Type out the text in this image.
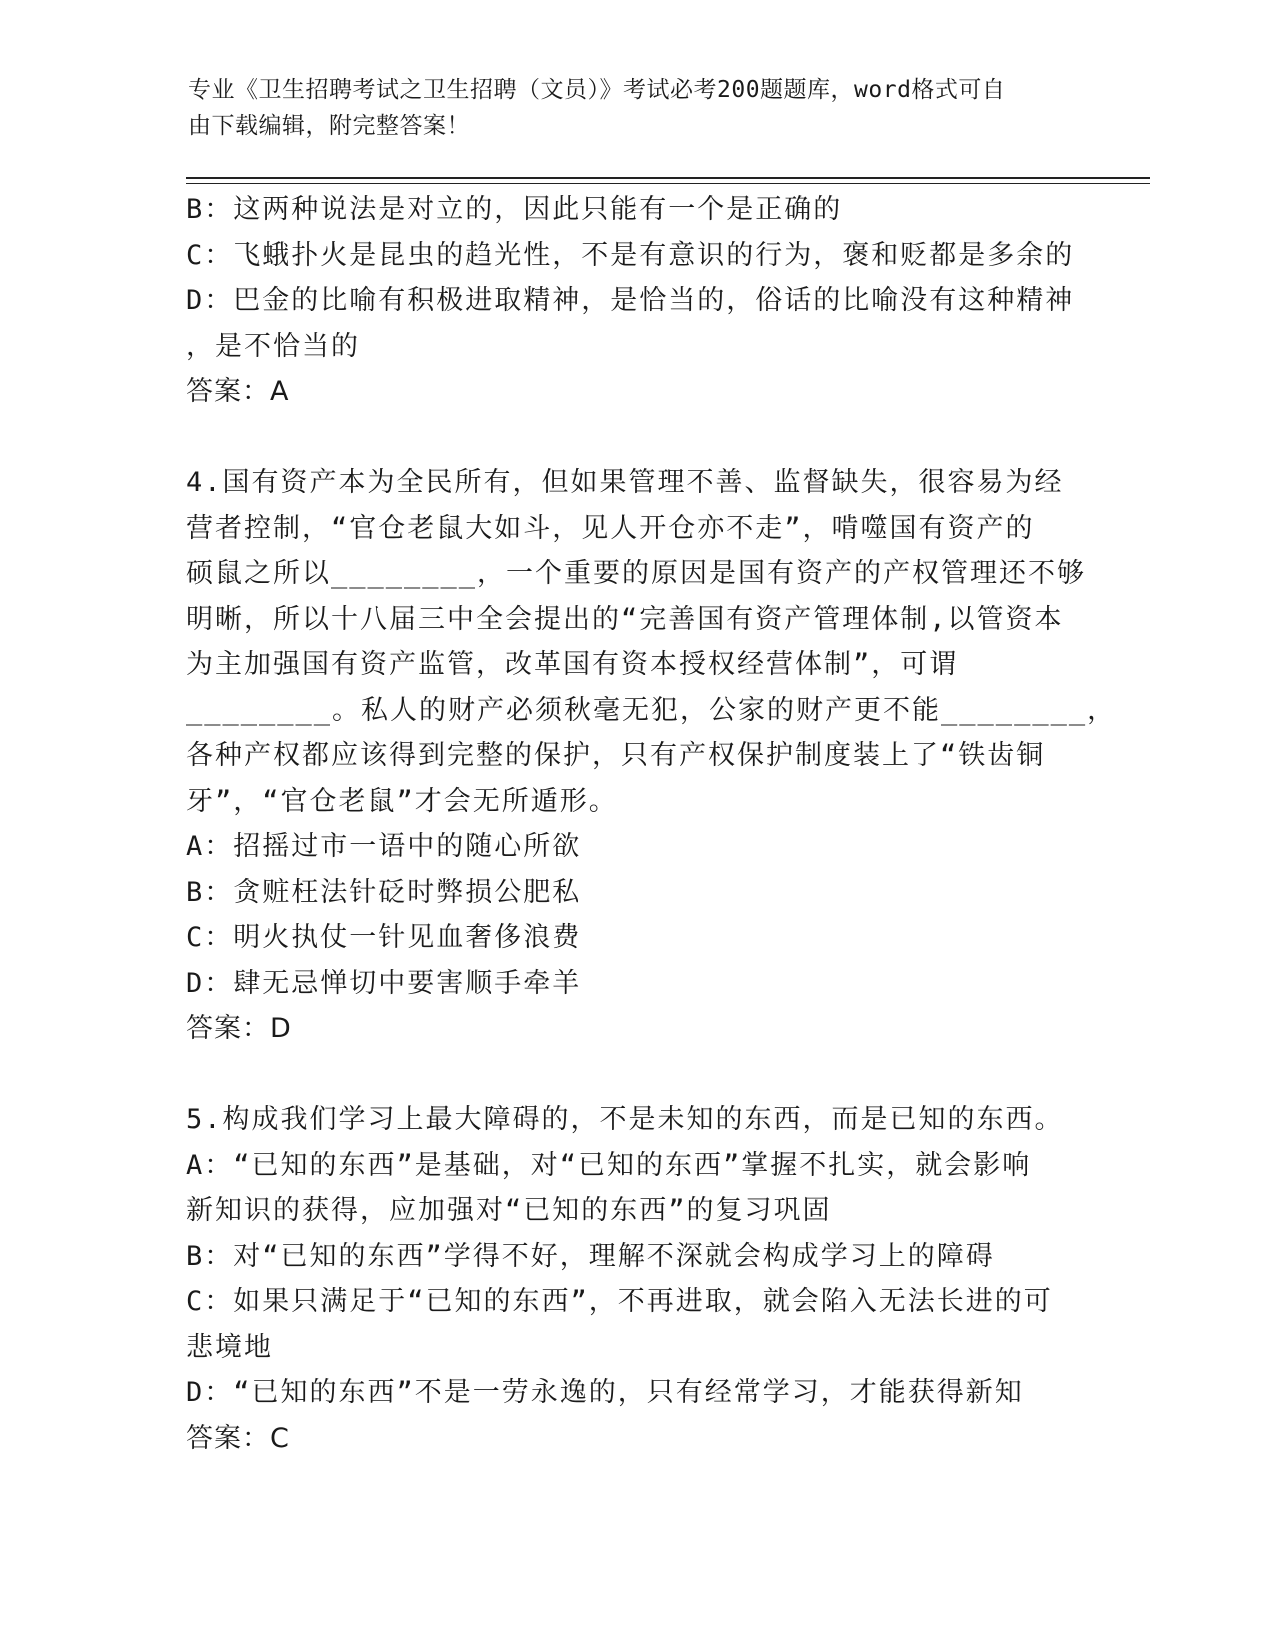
专业《卫生招聘考试之卫生招聘（文员）》考试必考200题题库，word格式可自
由下载编辑，附完整答案！
B：这两种说法是对立的，因此只能有一个是正确的
C：飞蛾扑火是昆虫的趋光性，不是有意识的行为，褒和贬都是多余的
D：巴金的比喻有积极进取精神，是恰当的，俗话的比喻没有这种精神
，是不恰当的
答案：A
4.国有资产本为全民所有，但如果管理不善、监督缺失，很容易为经
营者控制，“官仓老鼠大如斗，见人开仓亦不走”，啃噬国有资产的
硕鼠之所以________，一个重要的原因是国有资产的产权管理还不够
明晰，所以十八届三中全会提出的“完善国有资产管理体制,以管资本
为主加强国有资产监管，改革国有资本授权经营体制”，可谓
________。私人的财产必须秋毫无犯，公家的财产更不能________，
各种产权都应该得到完整的保护，只有产权保护制度装上了“铁齿铜
牙”，“官仓老鼠”才会无所遁形。
A：招摇过市一语中的随心所欲
B：贪赃枉法针砭时弊损公肥私
C：明火执仗一针见血奢侈浪费
D：肆无忌惮切中要害顺手牵羊
答案：D
5.构成我们学习上最大障碍的，不是未知的东西，而是已知的东西。
A：“已知的东西”是基础，对“已知的东西”掌握不扎实，就会影响
新知识的获得，应加强对“已知的东西”的复习巩固
B：对“已知的东西”学得不好，理解不深就会构成学习上的障碍
C：如果只满足于“已知的东西”，不再进取，就会陷入无法长进的可
悲境地
D：“已知的东西”不是一劳永逸的，只有经常学习，才能获得新知
答案：C
